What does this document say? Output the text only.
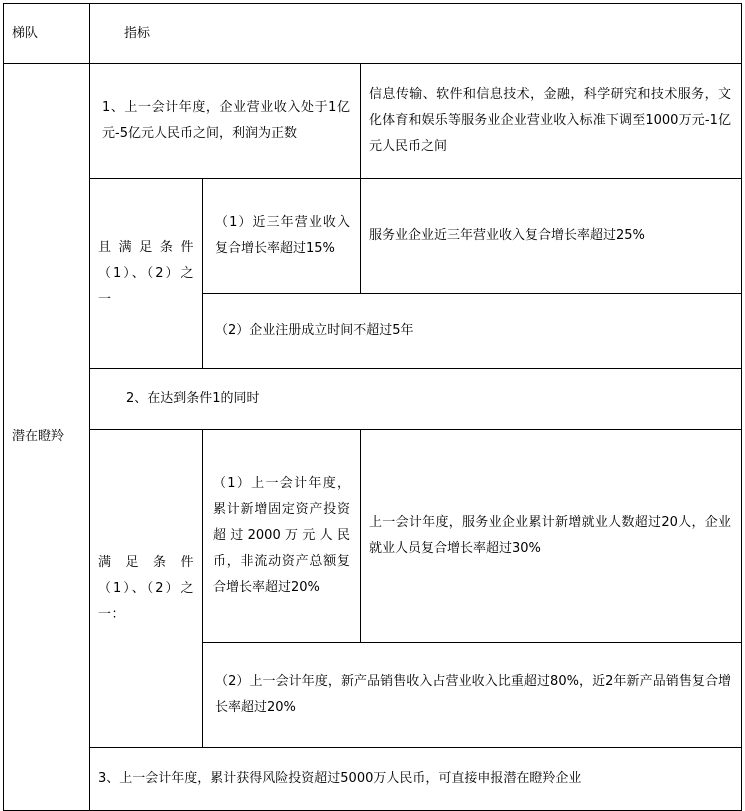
梯队	指标		
潜在瞪羚	1、上一会计年度，企业营业收入处于1亿元-5亿元人民币之间，利润为正数		信息传输、软件和信息技术，金融，科学研究和技术服务，文化体育和娱乐等服务业企业营业收入标准下调至1000万元-1亿元人民币之间
	且满足条件（1）、（2）之一	（1）近三年营业收入复合增长率超过15%	服务业企业近三年营业收入复合增长率超过25%
		（2）企业注册成立时间不超过5年	
	2、在达到条件1的同时		
	满足条件（1）、（2）之一：	（1）上一会计年度，累计新增固定资产投资超过2000万元人民币，非流动资产总额复合增长率超过20%	上一会计年度，服务业企业累计新增就业人数超过20人，企业就业人员复合增长率超过30%
		（2）上一会计年度，新产品销售收入占营业收入比重超过80%，近2年新产品销售复合增长率超过20%	
	3、上一会计年度，累计获得风险投资超过5000万人民币，可直接申报潜在瞪羚企业		
